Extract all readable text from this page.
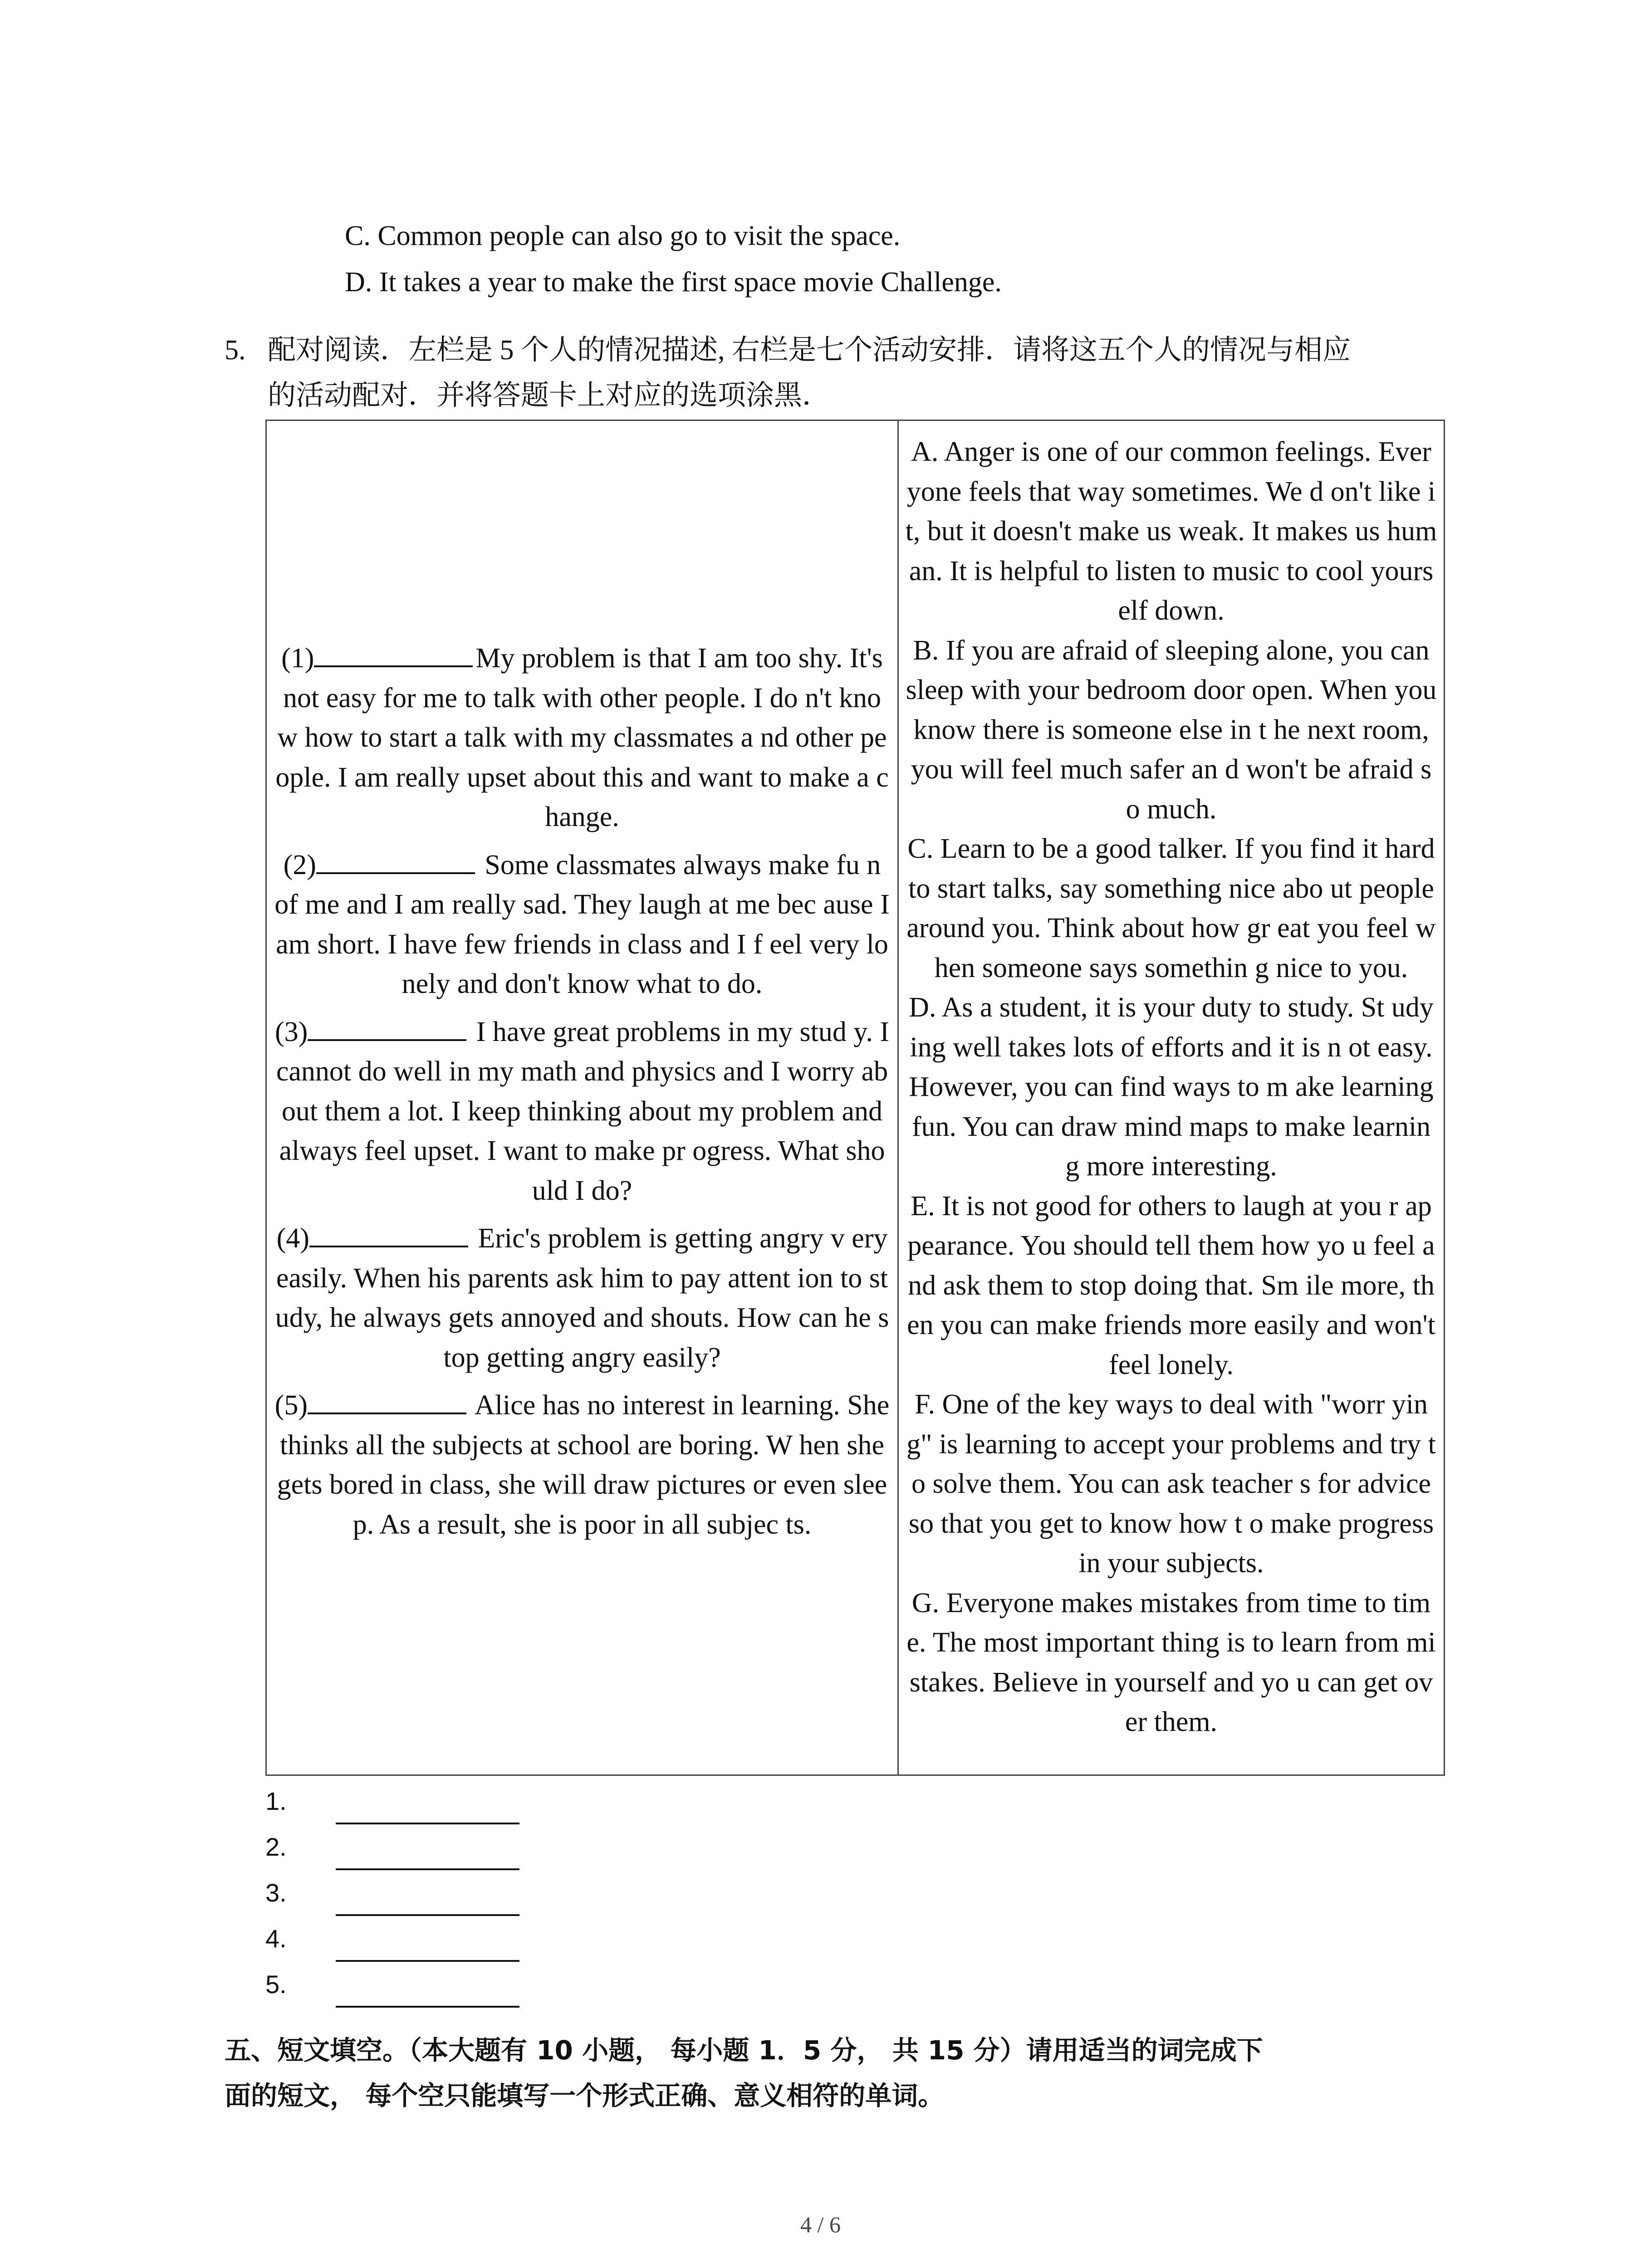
C. Common people can also go to visit the space.
D. It takes a year to make the first space movie Challenge.
5. 配对阅读．左栏是 5 个人的情况描述, 右栏是七个活动安排．请将这五个人的情况与相应
的活动配对．并将答题卡上对应的选项涂黑．

(1)	My problem is that I am too shy. It's not easy for me to talk with other people. I do n't know how to start a talk with my classmates a nd other people. I am really upset about this and want to make a change.

(2)	Some classmates always make fu n of me and I am really sad. They laugh at me bec ause I am short. I have few friends in class and I f eel very lonely and don't know what to do.

(3)	I have great problems in my stud y. I cannot do well in my math and physics and I worry about them a lot. I keep thinking about my problem and always feel upset. I want to make pr ogress. What should I do?

(4)	Eric's problem is getting angry v ery easily. When his parents ask him to pay attent ion to study, he always gets annoyed and shouts. How can he stop getting angry easily?

(5)	Alice has no interest in learning. She thinks all the subjects at school are boring. W hen she gets bored in class, she will draw pictures or even sleep. As a result, she is poor in all subjec ts.

A. Anger is one of our common feelings. Everyone feels that way sometimes. We d on't like it, but it doesn't make us weak. It makes us human. It is helpful to listen to music to cool yourself down.

B. If you are afraid of sleeping alone, you can sleep with your bedroom door open. When you know there is someone else in t he next room, you will feel much safer an d won't be afraid so much.

C. Learn to be a good talker. If you find it hard to start talks, say something nice abo ut people around you. Think about how gr eat you feel when someone says somethin g nice to you.

D. As a student, it is your duty to study. St udying well takes lots of efforts and it is n ot easy. However, you can find ways to m ake learning fun. You can draw mind maps to make learning more interesting.

E. It is not good for others to laugh at you r appearance. You should tell them how yo u feel and ask them to stop doing that. Sm ile more, then you can make friends more easily and won't feel lonely.

F. One of the key ways to deal with "worr ying" is learning to accept your problems and try to solve them. You can ask teacher s for advice so that you get to know how t o make progress in your subjects.

G. Everyone makes mistakes from time to time. The most important thing is to learn from mistakes. Believe in yourself and yo u can get over them.

1.
2.
3.
4.
5.
五、短文填空。（本大题有 10 小题， 每小题 1．5 分， 共 15 分）请用适当的词完成下
面的短文， 每个空只能填写一个形式正确、意义相符的单词。
4 / 6
